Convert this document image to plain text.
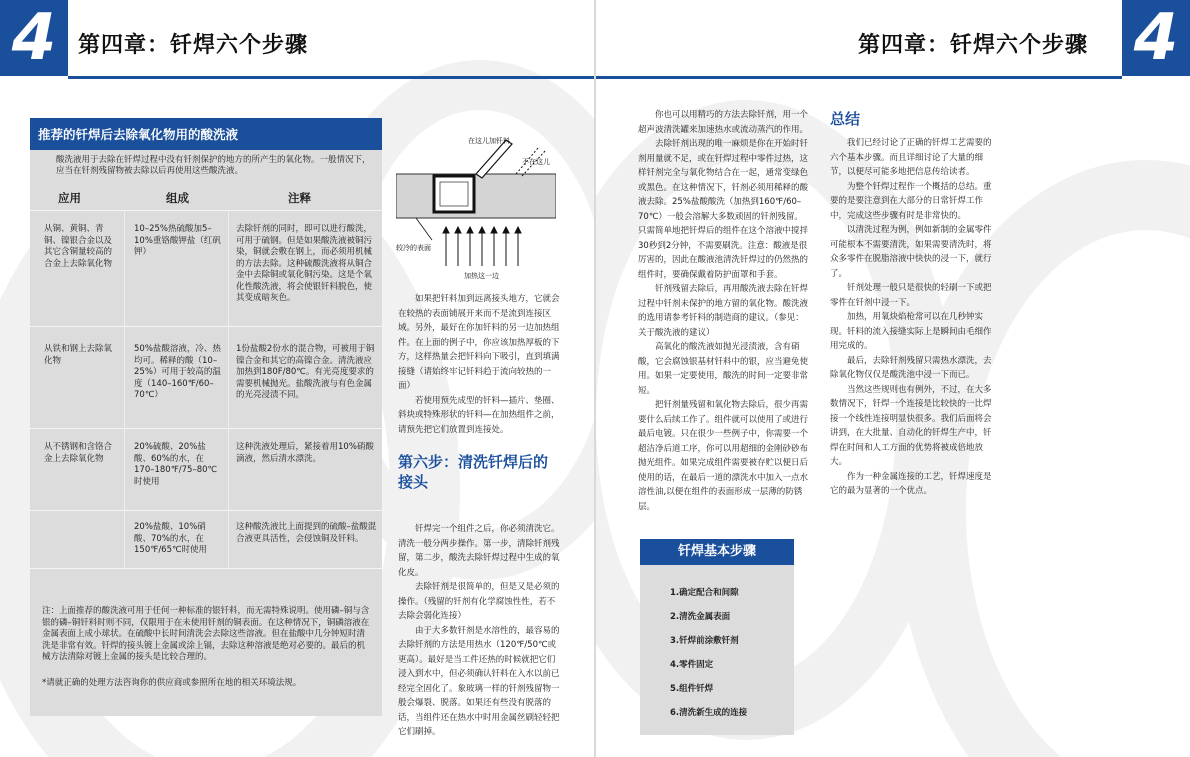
4 第四章：钎焊六个步骤
推荐的钎焊后去除氧化物用的酸洗液
酸洗液用于去除在钎焊过程中没有钎剂保护的地方的所产生的氧化物。一般情况下，应当在钎剂残留物被去除以后再使用这些酸洗液。
应用	组成	注释
从铜、黄铜、青铜、镍银合金以及其它含铜量较高的合金上去除氧化物
10–25%热硫酸加5–10%重铬酸钾盐（红矾钾）
去除钎剂的同时，即可以进行酸洗，可用于硫钢。但是如果酸洗液被铜污染，铜就会敷在钢上，而必须用机械的方法去除。这种硫酸洗液将从铜合金中去除铜或氧化铜污染。这是个氧化性酸洗液，将会使银钎料脱色，使其变成暗灰色。
从铁和钢上去除氧化物
50%盐酸溶液，冷、热均可。稀释的酸（10–25%）可用于较高的温度（140–160℉/60–70℃）
1份盐酸2份水的混合物，可被用于铜镍合金和其它的高镍合金。清洗液应加热到180F/80℃。有光亮度要求的需要机械抛光。盐酸洗液与有色金属的光亮浸渍不同。
从不锈钢和含铬合金上去除氧化物
20%硫酸、20%盐酸、60%的水，在170–180℉/75–80℃时使用
这种洗液处理后，紧接着用10%硝酸滴液，然后清水漂洗。
20%盐酸、10%硝酸、70%的水，在150℉/65℃时使用
这种酸洗液比上面提到的硫酸–盐酸混合液更具活性，会侵蚀铜及钎料。
注：上面推荐的酸洗液可用于任何一种标准的银钎料，而无需特殊说明。使用磷–铜与含银的磷–铜钎料时则不同，仅限用于在未使用钎剂的铜表面。在这种情况下，铜磷溶液在金属表面上成小球状。在硫酸中长时间清洗会去除这些溶液。但在盐酸中几分钟短时清洗是非常有效。钎焊的接头镀上金属或涂上镉，去除这种溶液是绝对必要的。最后的机械方法清除对镀上金属的接头是比较合理的。
*请就正确的处理方法咨询你的供应商或参照所在地的相关环境法规。
在这儿加钎料
不在这儿
较冷的表面
加热这一边

如果把钎料加到远离接头地方，它就会在较热的表面铺展开来而不是流到连接区域。另外，最好在你加钎料的另一边加热组件。在上面的例子中，你应该加热厚板的下方，这样热量会把钎料向下吸引，直到填满接缝（请始终牢记钎料趋于流向较热的一面）

若使用预先成型的钎料—插片、垫圈、斜块或特殊形状的钎料—在加热组件之前，请预先把它们放置到连接处。

第六步：清洗钎焊后的接头

钎焊完一个组件之后，你必须清洗它。清洗一般分两步操作。第一步，清除钎剂残留，第二步，酸洗去除钎焊过程中生成的氧化皮。

去除钎剂是很简单的，但是又是必须的操作。（残留的钎剂有化学腐蚀性性，若不去除会弱化连接）

由于大多数钎剂是水溶性的，最容易的去除钎剂的方法是用热水（120℉/50℃或更高）。最好是当工件还热的时候就把它们浸入到水中，但必须确认钎料在入水以前已经完全固化了。象玻璃一样的钎剂残留物一般会爆裂、脱落。如果还有些没有脱落的话，当组件还在热水中时用金属丝刷轻轻把它们刷掉。

第四章：钎焊六个步骤 4

你也可以用精巧的方法去除钎剂，用一个超声波清洗罐来加速热水或流动蒸汽的作用。

去除钎剂出现的唯一麻烦是你在开始时钎剂用量就不足，或在钎焊过程中零件过热，这样钎剂完全与氧化物结合在一起，通常变绿色或黑色。在这种情况下，钎剂必须用稀释的酸液去除。25%盐酸酸洗（加热到160℉/60–70℃）一般会溶解大多数顽固的钎剂残留。只需简单地把钎焊后的组件在这个溶液中搅拌30秒到2分钟，不需要刷洗。注意：酸液是很厉害的，因此在酸液池清洗钎焊过的仍然热的组件时，要确保戴着防护面罩和手套。

钎剂残留去除后，再用酸洗液去除在钎焊过程中钎剂未保护的地方留的氧化物。酸洗液的选用请参考钎料的制造商的建议。（参见：关于酸洗液的建议）

高氧化的酸洗液如抛光浸渍液，含有硝酸，它会腐蚀银基材钎料中的银，应当避免使用。如果一定要使用，酸洗的时间一定要非常短。

把钎剂量残留和氧化物去除后，很少再需要什么后续工作了。组件就可以使用了或进行最后电镀。只在很少一些例子中，你需要一个超洁净后道工序，你可以用超细的金刚砂砂布抛光组件。如果完成组件需要被存贮以便日后使用的话，在最后一道的漂洗水中加入一点水溶性油,以便在组件的表面形成一层薄的防锈层。

总结

我们已经讨论了正确的钎焊工艺需要的六个基本步骤。而且详细讨论了大量的细节，以便尽可能多地把信息传给读者。

为整个钎焊过程作一个概括的总结。重要的是要注意到在大部分的日常钎焊工作中，完成这些步骤有时是非常快的。

以清洗过程为例，例如新制的金属零件可能根本不需要清洗，如果需要清洗时，将众多零件在脱脂溶液中快快的浸一下，就行了。

钎剂处理一般只是很快的轻刷一下或把零件在钎剂中浸一下。

加热，用氧炔焰枪常可以在几秒钟实现。钎料的流入接缝实际上是瞬间由毛细作用完成的。

最后，去除钎剂残留只需热水漂洗，去除氧化物仅仅是酸洗池中浸一下而已。

当然这些规则也有例外，不过，在大多数情况下，钎焊一个连接是比较快的一比焊接一个线性连接明显快很多。我们后面将会讲到，在大批量、自动化的钎焊生产中，钎焊在时间和人工方面的优势将被成倍地放大。

作为一种金属连接的工艺，钎焊速度是它的最为显著的一个优点。

钎焊基本步骤
1.确定配合和间隙
2.清洗金属表面
3.钎焊前涂敷钎剂
4.零件固定
5.组件钎焊
6.清洗新生成的连接
